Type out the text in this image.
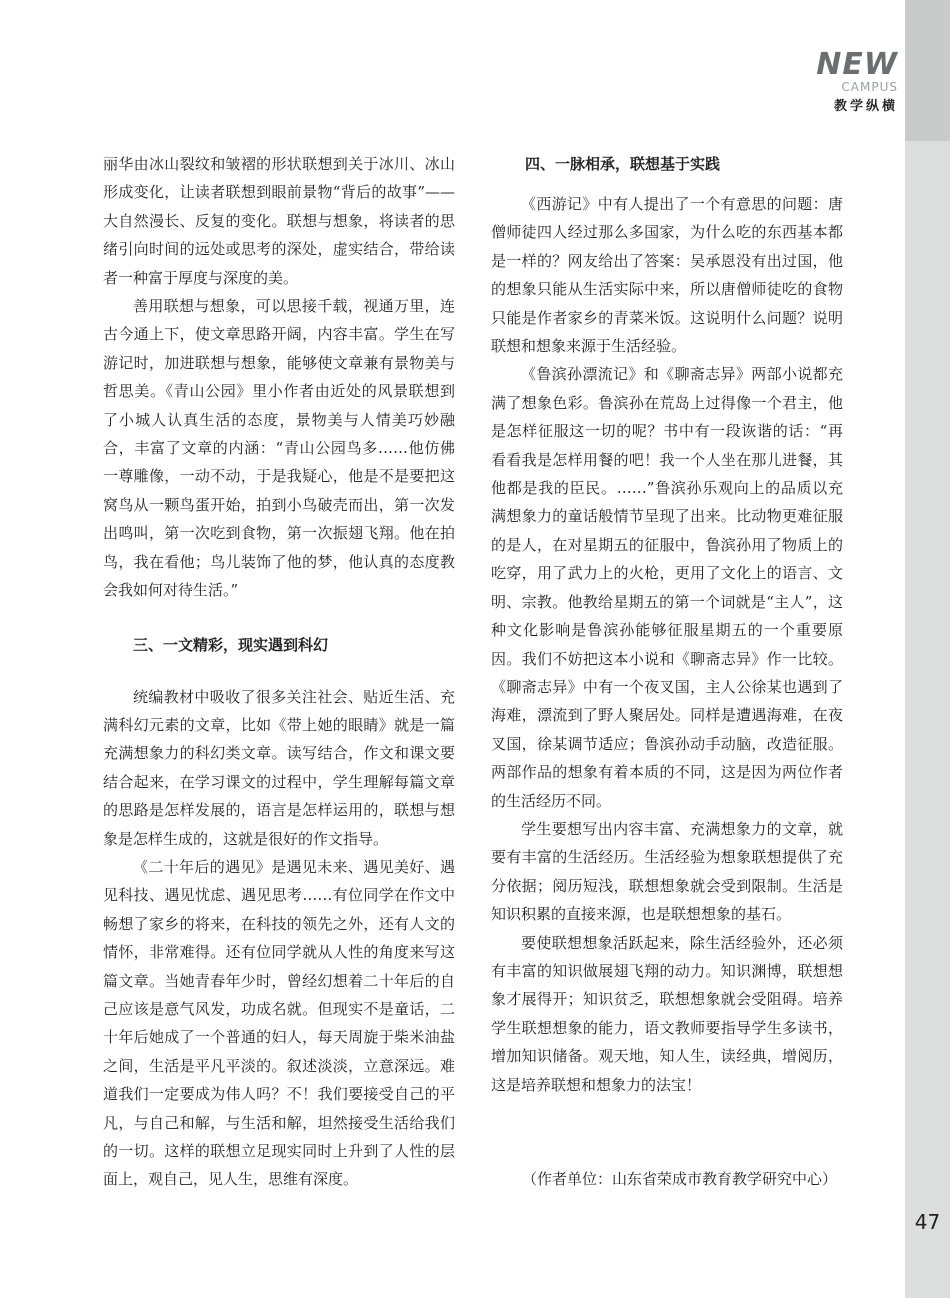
NEW
CAMPUS
教学纵横

丽华由冰山裂纹和皱褶的形状联想到关于冰川、冰山形成变化，让读者联想到眼前景物“背后的故事”——大自然漫长、反复的变化。联想与想象，将读者的思绪引向时间的远处或思考的深处，虚实结合，带给读者一种富于厚度与深度的美。

善用联想与想象，可以思接千载，视通万里，连古今通上下，使文章思路开阔，内容丰富。学生在写游记时，加进联想与想象，能够使文章兼有景物美与哲思美。《青山公园》里小作者由近处的风景联想到了小城人认真生活的态度，景物美与人情美巧妙融合，丰富了文章的内涵：“青山公园鸟多……他仿佛一尊雕像，一动不动，于是我疑心，他是不是要把这窝鸟从一颗鸟蛋开始，拍到小鸟破壳而出，第一次发出鸣叫，第一次吃到食物，第一次振翅飞翔。他在拍鸟，我在看他；鸟儿装饰了他的梦，他认真的态度教会我如何对待生活。”

三、一文精彩，现实遇到科幻

统编教材中吸收了很多关注社会、贴近生活、充满科幻元素的文章，比如《带上她的眼睛》就是一篇充满想象力的科幻类文章。读写结合，作文和课文要结合起来，在学习课文的过程中，学生理解每篇文章的思路是怎样发展的，语言是怎样运用的，联想与想象是怎样生成的，这就是很好的作文指导。

《二十年后的遇见》是遇见未来、遇见美好、遇见科技、遇见忧虑、遇见思考……有位同学在作文中畅想了家乡的将来，在科技的领先之外，还有人文的情怀，非常难得。还有位同学就从人性的角度来写这篇文章。当她青春年少时，曾经幻想着二十年后的自己应该是意气风发，功成名就。但现实不是童话，二十年后她成了一个普通的妇人，每天周旋于柴米油盐之间，生活是平凡平淡的。叙述淡淡，立意深远。难道我们一定要成为伟人吗？不！我们要接受自己的平凡，与自己和解，与生活和解，坦然接受生活给我们的一切。这样的联想立足现实同时上升到了人性的层面上，观自己，见人生，思维有深度。

四、一脉相承，联想基于实践

《西游记》中有人提出了一个有意思的问题：唐僧师徒四人经过那么多国家，为什么吃的东西基本都是一样的？网友给出了答案：吴承恩没有出过国，他的想象只能从生活实际中来，所以唐僧师徒吃的食物只能是作者家乡的青菜米饭。这说明什么问题？说明联想和想象来源于生活经验。

《鲁滨孙漂流记》和《聊斋志异》两部小说都充满了想象色彩。鲁滨孙在荒岛上过得像一个君主，他是怎样征服这一切的呢？书中有一段诙谐的话：“再看看我是怎样用餐的吧！我一个人坐在那儿进餐，其他都是我的臣民。……”鲁滨孙乐观向上的品质以充满想象力的童话般情节呈现了出来。比动物更难征服的是人，在对星期五的征服中，鲁滨孙用了物质上的吃穿，用了武力上的火枪，更用了文化上的语言、文明、宗教。他教给星期五的第一个词就是“主人”，这种文化影响是鲁滨孙能够征服星期五的一个重要原因。我们不妨把这本小说和《聊斋志异》作一比较。《聊斋志异》中有一个夜叉国，主人公徐某也遇到了海难，漂流到了野人聚居处。同样是遭遇海难，在夜叉国，徐某调节适应；鲁滨孙动手动脑，改造征服。两部作品的想象有着本质的不同，这是因为两位作者的生活经历不同。

学生要想写出内容丰富、充满想象力的文章，就要有丰富的生活经历。生活经验为想象联想提供了充分依据；阅历短浅，联想想象就会受到限制。生活是知识积累的直接来源，也是联想想象的基石。

要使联想想象活跃起来，除生活经验外，还必须有丰富的知识做展翅飞翔的动力。知识渊博，联想想象才展得开；知识贫乏，联想想象就会受阻碍。培养学生联想想象的能力，语文教师要指导学生多读书，增加知识储备。观天地，知人生，读经典，增阅历，这是培养联想和想象力的法宝！

（作者单位：山东省荣成市教育教学研究中心）
47
